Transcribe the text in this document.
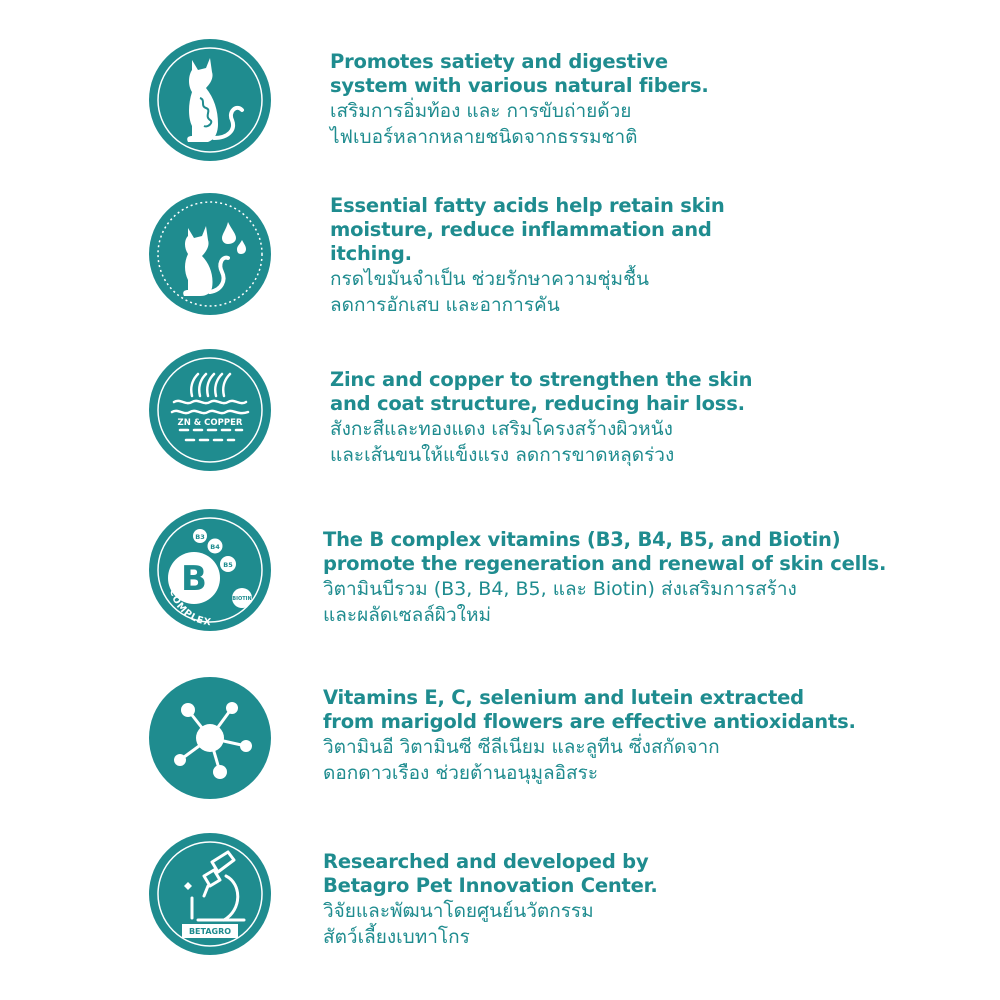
Promotes satiety and digestive
system with various natural fibers.
เสริมการอิ่มท้อง และ การขับถ่ายด้วย
ไฟเบอร์หลากหลายชนิดจากธรรมชาติ
Essential fatty acids help retain skin
moisture, reduce inflammation and
itching.
กรดไขมันจำเป็น ช่วยรักษาความชุ่มชื้น
ลดการอักเสบ และอาการคัน
ZN & COPPER
Zinc and copper to strengthen the skin
and coat structure, reducing hair loss.
สังกะสีและทองแดง เสริมโครงสร้างผิวหนัง
และเส้นขนให้แข็งแรง ลดการขาดหลุดร่วง
B
B3
B4
B5
BIOTIN
COMPLEX
The B complex vitamins (B3, B4, B5, and Biotin)
promote the regeneration and renewal of skin cells.
วิตามินบีรวม (B3, B4, B5, และ Biotin) ส่งเสริมการสร้าง
และผลัดเซลล์ผิวใหม่
Vitamins E, C, selenium and lutein extracted
from marigold flowers are effective antioxidants.
วิตามินอี วิตามินซี ซีลีเนียม และลูทีน ซึ่งสกัดจาก
ดอกดาวเรือง ช่วยต้านอนุมูลอิสระ
BETAGRO
Researched and developed by
Betagro Pet Innovation Center.
วิจัยและพัฒนาโดยศูนย์นวัตกรรม
สัตว์เลี้ยงเบทาโกร
